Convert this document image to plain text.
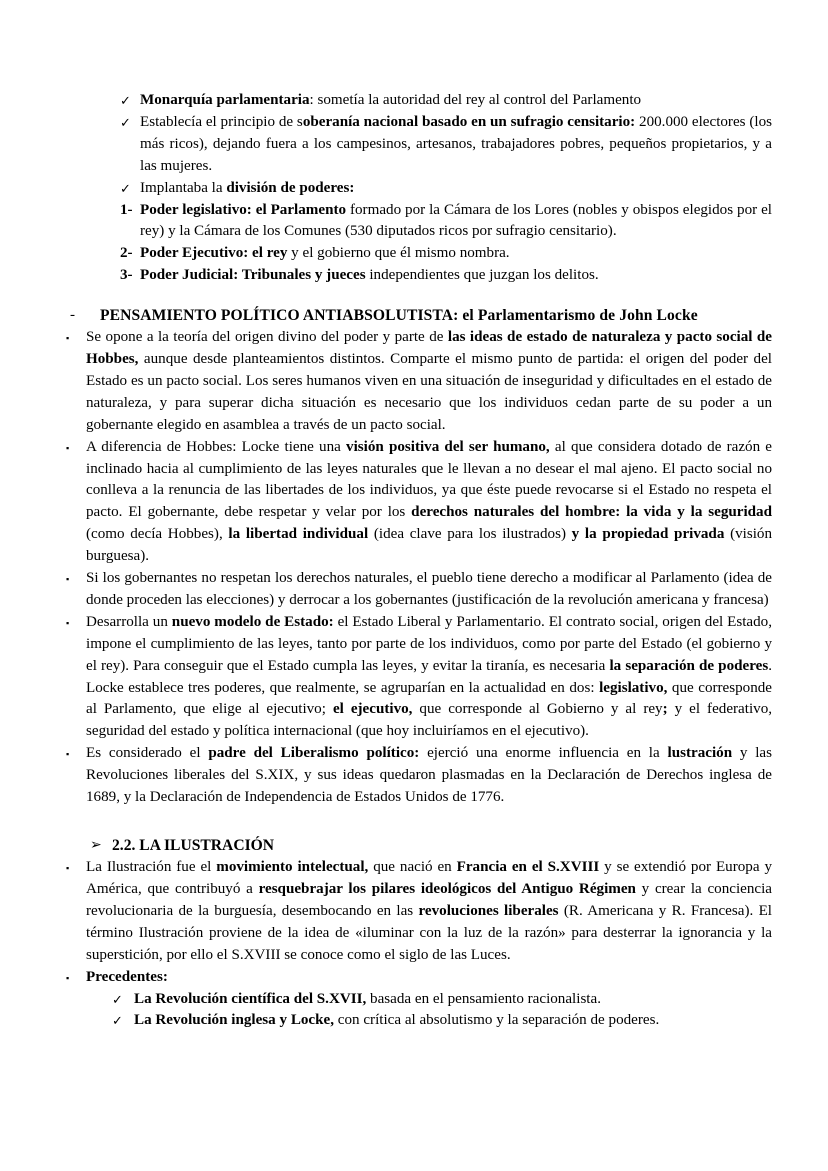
✓ Monarquía parlamentaria: sometía la autoridad del rey al control del Parlamento
✓ Establecía el principio de soberanía nacional basado en un sufragio censitario: 200.000 electores (los más ricos), dejando fuera a los campesinos, artesanos, trabajadores pobres, pequeños propietarios, y a las mujeres.
✓ Implantaba la división de poderes:
1- Poder legislativo: el Parlamento formado por la Cámara de los Lores (nobles y obispos elegidos por el rey) y la Cámara de los Comunes (530 diputados ricos por sufragio censitario).
2- Poder Ejecutivo: el rey y el gobierno que él mismo nombra.
3- Poder Judicial: Tribunales y jueces independientes que juzgan los delitos.
-	PENSAMIENTO POLÍTICO ANTIABSOLUTISTA: el Parlamentarismo de John Locke
▪	Se opone a la teoría del origen divino del poder y parte de las ideas de estado de naturaleza y pacto social de Hobbes, aunque desde planteamientos distintos. Comparte el mismo punto de partida: el origen del poder del Estado es un pacto social. Los seres humanos viven en una situación de inseguridad y dificultades en el estado de naturaleza, y para superar dicha situación es necesario que los individuos cedan parte de su poder a un gobernante elegido en asamblea a través de un pacto social.
▪	A diferencia de Hobbes: Locke tiene una visión positiva del ser humano, al que considera dotado de razón e inclinado hacia al cumplimiento de las leyes naturales que le llevan a no desear el mal ajeno. El pacto social no conlleva a la renuncia de las libertades de los individuos, ya que éste puede revocarse si el Estado no respeta el pacto. El gobernante, debe respetar y velar por los derechos naturales del hombre: la vida y la seguridad (como decía Hobbes), la libertad individual (idea clave para los ilustrados) y la propiedad privada (visión burguesa).
▪	Si los gobernantes no respetan los derechos naturales, el pueblo tiene derecho a modificar al Parlamento (idea de donde proceden las elecciones) y derrocar a los gobernantes (justificación de la revolución americana y francesa)
▪	Desarrolla un nuevo modelo de Estado: el Estado Liberal y Parlamentario. El contrato social, origen del Estado, impone el cumplimiento de las leyes, tanto por parte de los individuos, como por parte del Estado (el gobierno y el rey). Para conseguir que el Estado cumpla las leyes, y evitar la tiranía, es necesaria la separación de poderes. Locke establece tres poderes, que realmente, se agruparían en la actualidad en dos: legislativo, que corresponde al Parlamento, que elige al ejecutivo; el ejecutivo, que corresponde al Gobierno y al rey; y el federativo, seguridad del estado y política internacional (que hoy incluiríamos en el ejecutivo).
▪	Es considerado el padre del Liberalismo político: ejerció una enorme influencia en la lustración y las Revoluciones liberales del S.XIX, y sus ideas quedaron plasmadas en la Declaración de Derechos inglesa de 1689, y la Declaración de Independencia de Estados Unidos de 1776.
➢ 2.2. LA ILUSTRACIÓN
▪	La Ilustración fue el movimiento intelectual, que nació en Francia en el S.XVIII y se extendió por Europa y América, que contribuyó a resquebrajar los pilares ideológicos del Antiguo Régimen y crear la conciencia revolucionaria de la burguesía, desembocando en las revoluciones liberales (R. Americana y R. Francesa). El término Ilustración proviene de la idea de «iluminar con la luz de la razón» para desterrar la ignorancia y la superstición, por ello el S.XVIII se conoce como el siglo de las Luces.
▪	Precedentes:
✓ La Revolución científica del S.XVII, basada en el pensamiento racionalista.
✓ La Revolución inglesa y Locke, con crítica al absolutismo y la separación de poderes.
